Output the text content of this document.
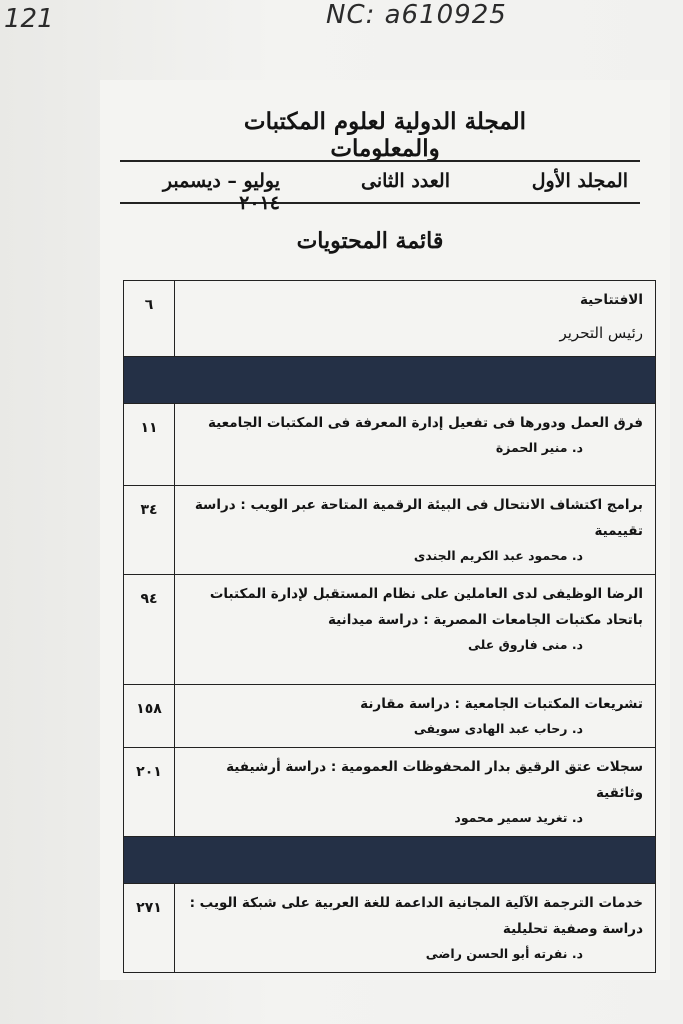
121	NC: a610925
المجلة الدولية لعلوم المكتبات والمعلومات
المجلد الأول
العدد الثانى
يوليو – ديسمبر ٢٠١٤
قائمة المحتويات
٦	الافتتاحية
رئيس التحرير

١١	فرق العمل ودورها فى تفعيل إدارة المعرفة فى المكتبات الجامعية
د. منير الحمزة

٣٤	برامج اكتشاف الانتحال فى البيئة الرقمية المتاحة عبر الويب : دراسة تقييمية
د. محمود عبد الكريم الجندى

٩٤	الرضا الوظيفى لدى العاملين على نظام المستقبل لإدارة المكتبات باتحاد مكتبات الجامعات المصرية : دراسة ميدانية
د. منى فاروق على

١٥٨	تشريعات المكتبات الجامعية : دراسة مقارنة
د. رحاب عبد الهادى سويفى

٢٠١	سجلات عتق الرقيق بدار المحفوظات العمومية : دراسة أرشيفية وثائقية
د. تغريد سمير محمود

٢٧١	خدمات الترجمة الآلية المجانية الداعمة للغة العربية على شبكة الويب : دراسة وصفية تحليلية
د. نفرته أبو الحسن راضى
